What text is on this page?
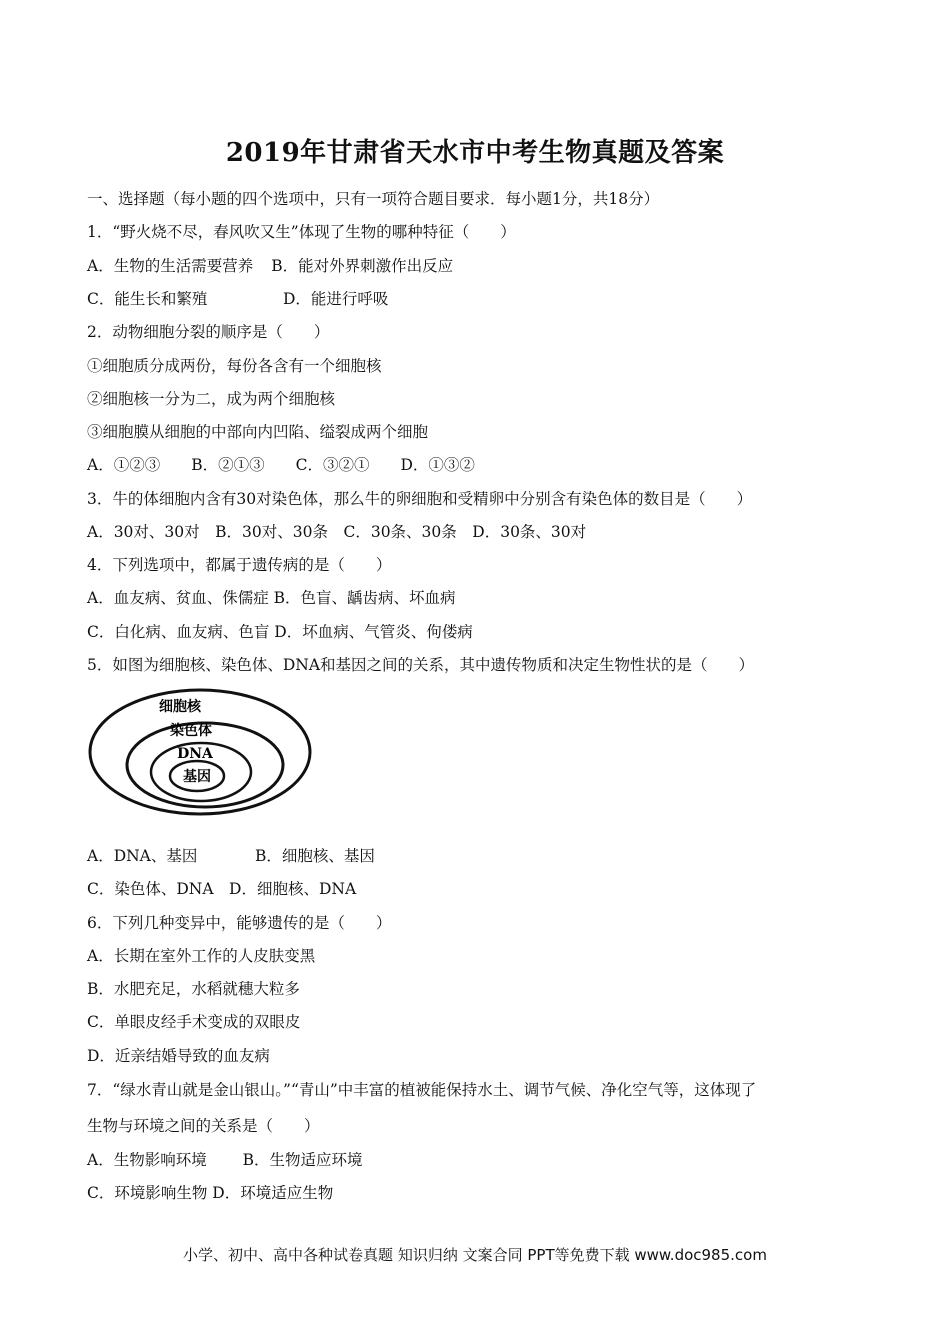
2019年甘肃省天水市中考生物真题及答案
一、选择题（每小题的四个选项中，只有一项符合题目要求．每小题1分，共18分）
1．“野火烧不尽，春风吹又生”体现了生物的哪种特征（　　）
A．生物的生活需要营养 B．能对外界刺激作出反应
C．能生长和繁殖	D．能进行呼吸
2．动物细胞分裂的顺序是（　　）
①细胞质分成两份，每份各含有一个细胞核
②细胞核一分为二，成为两个细胞核
③细胞膜从细胞的中部向内凹陷、缢裂成两个细胞
A．①②③　　B．②①③　　C．③②①　　D．①③②
3．牛的体细胞内含有30对染色体，那么牛的卵细胞和受精卵中分别含有染色体的数目是（　　）
A．30对、30对　B．30对、30条　C．30条、30条　D．30条、30对
4．下列选项中，都属于遗传病的是（　　）
A．血友病、贫血、侏儒症 B．色盲、龋齿病、坏血病
C．白化病、血友病、色盲 D．坏血病、气管炎、佝偻病
5．如图为细胞核、染色体、DNA和基因之间的关系，其中遗传物质和决定生物性状的是（　　）
细胞核
染色体
DNA
基因
A．DNA、基因	B．细胞核、基因
C．染色体、DNA　D．细胞核、DNA
6．下列几种变异中，能够遗传的是（　　）
A．长期在室外工作的人皮肤变黑
B．水肥充足，水稻就穗大粒多
C．单眼皮经手术变成的双眼皮
D．近亲结婚导致的血友病
7．“绿水青山就是金山银山。”“青山”中丰富的植被能保持水土、调节气候、净化空气等，这体现了
生物与环境之间的关系是（　　）
A．生物影响环境　　 B．生物适应环境
C．环境影响生物 D．环境适应生物
小学、初中、高中各种试卷真题 知识归纳 文案合同 PPT等免费下载 www.doc985.com
